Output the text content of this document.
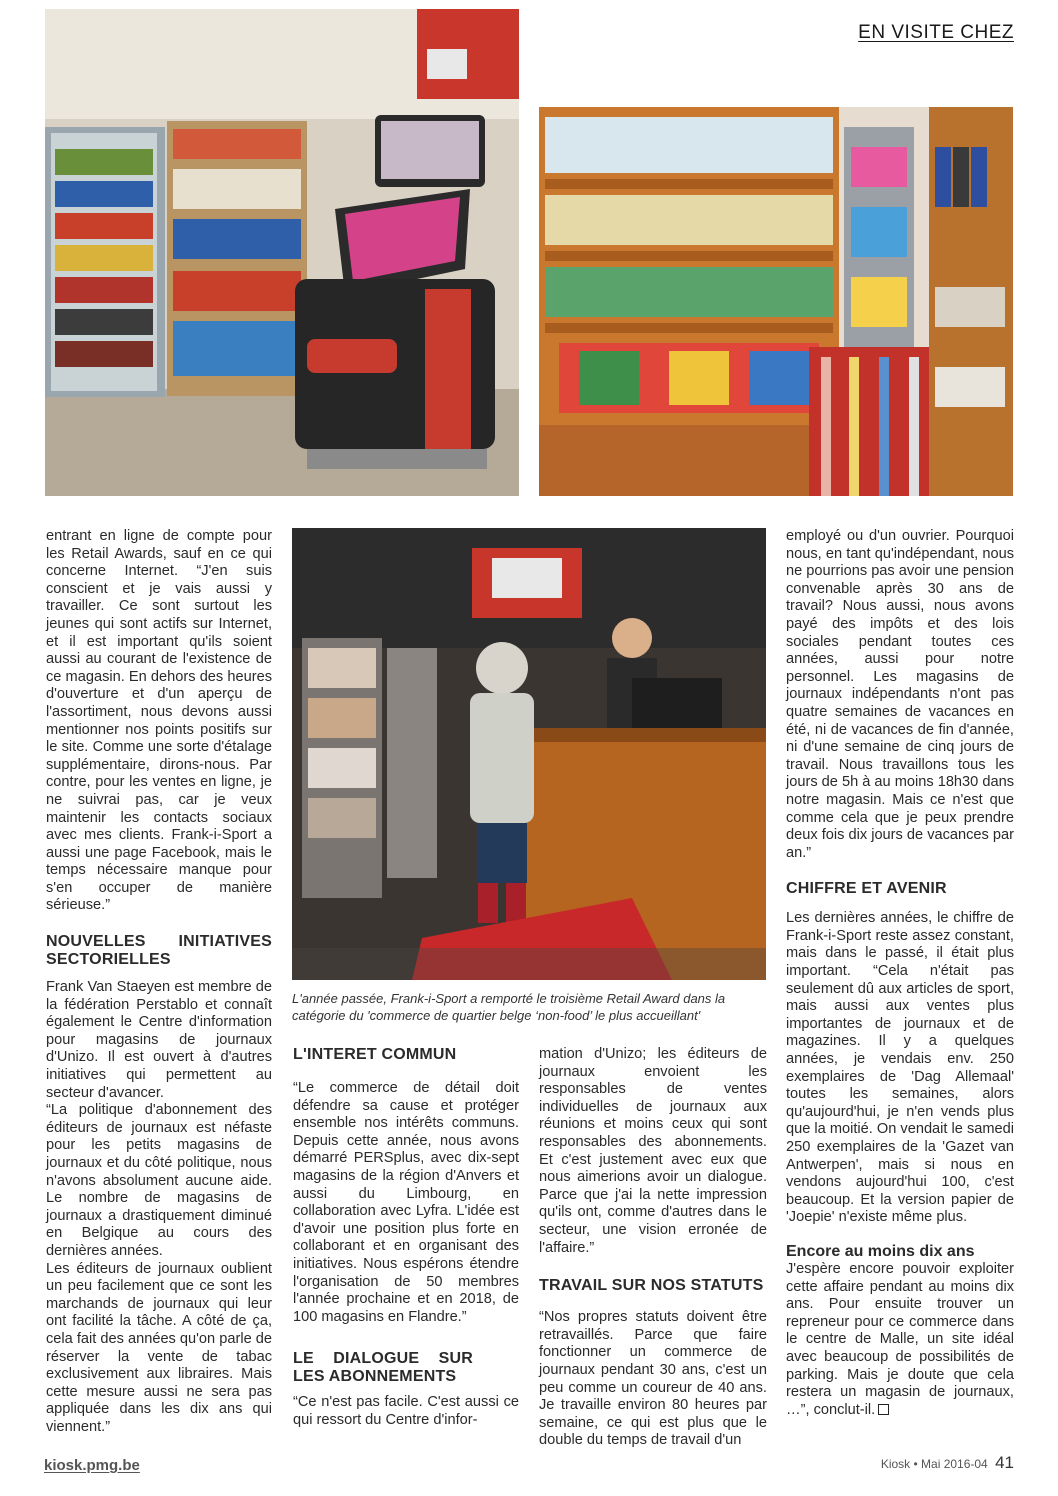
EN VISITE CHEZ

entrant en ligne de compte pour les Retail Awards, sauf en ce qui concerne Internet. “J'en suis conscient et je vais aussi y travailler. Ce sont surtout les jeunes qui sont actifs sur Internet, et il est important qu'ils soient aussi au courant de l'existence de ce magasin. En dehors des heures d'ouverture et d'un aperçu de l'assortiment, nous devons aussi mentionner nos points positifs sur le site. Comme une sorte d'étalage supplémentaire, dirons-nous. Par contre, pour les ventes en ligne, je ne suivrai pas, car je veux maintenir les contacts sociaux avec mes clients. Frank-i-Sport a aussi une page Facebook, mais le temps nécessaire manque pour s'en occuper de manière sérieuse.”

NOUVELLES INITIATIVES SECTORIELLES

Frank Van Staeyen est membre de la fédération Perstablo et connaît également le Centre d'information pour magasins de journaux d'Unizo. Il est ouvert à d'autres initiatives qui permettent au secteur d'avancer.

“La politique d'abonnement des éditeurs de journaux est néfaste pour les petits magasins de journaux et du côté politique, nous n'avons absolument aucune aide. Le nombre de magasins de journaux a drastiquement diminué en Belgique au cours des dernières années.

Les éditeurs de journaux oublient un peu facilement que ce sont les marchands de journaux qui leur ont facilité la tâche. A côté de ça, cela fait des années qu'on parle de réserver la vente de tabac exclusivement aux libraires. Mais cette mesure aussi ne sera pas appliquée dans les dix ans qui viennent.”

L'année passée, Frank-i-Sport a remporté le troisième Retail Award dans la catégorie du 'commerce de quartier belge ‘non-food’ le plus accueillant'
L'INTERET COMMUN

“Le commerce de détail doit défendre sa cause et protéger ensemble nos intérêts communs. Depuis cette année, nous avons démarré PERSplus, avec dix-sept magasins de la région d'Anvers et aussi du Limbourg, en collaboration avec Lyfra. L'idée est d'avoir une position plus forte en collaborant et en organisant des initiatives. Nous espérons étendre l'organisation de 50 membres l'année prochaine et en 2018, de 100 magasins en Flandre.”

LE DIALOGUE SUR LES ABONNEMENTS

“Ce n'est pas facile. C'est aussi ce qui ressort du Centre d'infor-

mation d'Unizo; les éditeurs de journaux envoient les responsables de ventes individuelles de journaux aux réunions et moins ceux qui sont responsables des abonnements. Et c'est justement avec eux que nous aimerions avoir un dialogue. Parce que j'ai la nette impression qu'ils ont, comme d'autres dans le secteur, une vision erronée de l'affaire.”

TRAVAIL SUR NOS STATUTS

“Nos propres statuts doivent être retravaillés. Parce que faire fonctionner un commerce de journaux pendant 30 ans, c'est un peu comme un coureur de 40 ans. Je travaille environ 80 heures par semaine, ce qui est plus que le double du temps de travail d'un

employé ou d'un ouvrier. Pourquoi nous, en tant qu'indépendant, nous ne pourrions pas avoir une pension convenable après 30 ans de travail? Nous aussi, nous avons payé des impôts et des lois sociales pendant toutes ces années, aussi pour notre personnel. Les magasins de journaux indépendants n'ont pas quatre semaines de vacances en été, ni de vacances de fin d'année, ni d'une semaine de cinq jours de travail. Nous travaillons tous les jours de 5h à au moins 18h30 dans notre magasin. Mais ce n'est que comme cela que je peux prendre deux fois dix jours de vacances par an.”

CHIFFRE ET AVENIR

Les dernières années, le chiffre de Frank-i-Sport reste assez constant, mais dans le passé, il était plus important. “Cela n'était pas seulement dû aux articles de sport, mais aussi aux ventes plus importantes de journaux et de magazines. Il y a quelques années, je vendais env. 250 exemplaires de 'Dag Allemaal' toutes les semaines, alors qu'aujourd'hui, je n'en vends plus que la moitié. On vendait le samedi 250 exemplaires de la 'Gazet van Antwerpen', mais si nous en vendons aujourd'hui 100, c'est beaucoup. Et la version papier de 'Joepie' n'existe même plus.

Encore au moins dix ans

J'espère encore pouvoir exploiter cette affaire pendant au moins dix ans. Pour ensuite trouver un repreneur pour ce commerce dans le centre de Malle, un site idéal avec beaucoup de possibilités de parking. Mais je doute que cela restera un magasin de journaux, …”, conclut-il.

kiosk.pmg.be	Kiosk • Mai 2016-04 41
